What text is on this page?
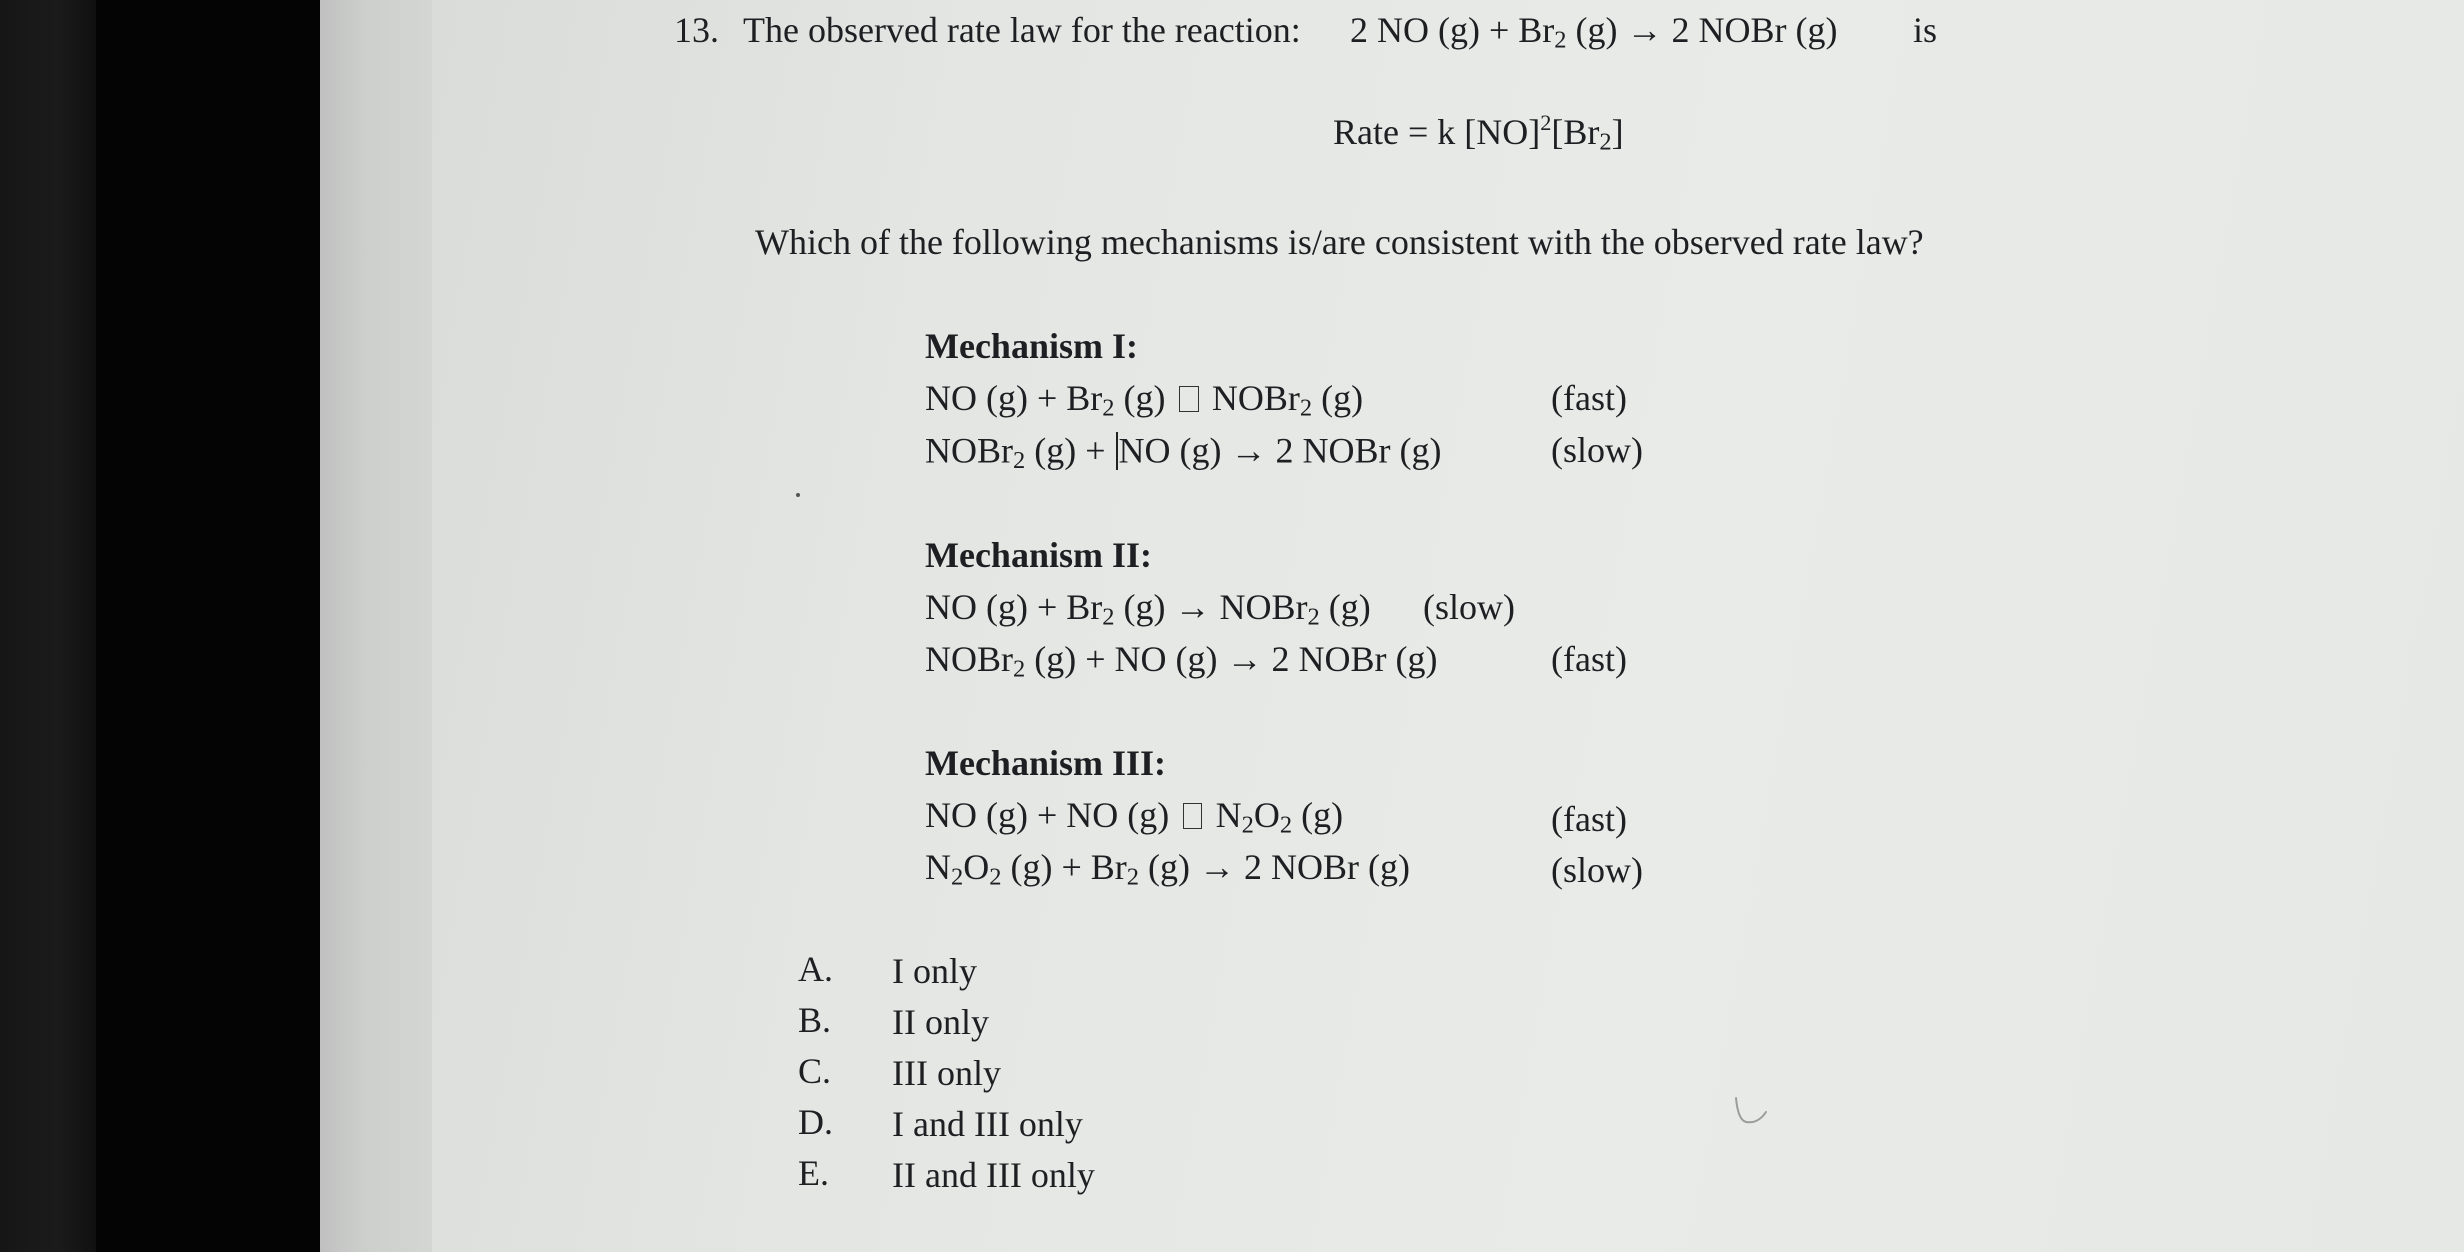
13. The observed rate law for the reaction: 2 NO $(g) + Br_2$ (g) → 2 NOBr (g) is
Rate = k $[NO]^2[Br_2]$
Which of the following mechanisms is/are consistent with the observed rate law?
Mechanism I:
NO $(g) + Br_2$ (g) NOBr$_2$ (g)	(fast)
NOBr$_2$ (g) + NO (g) → 2 NOBr (g)	(slow)
Mechanism II:
NO $(g) + Br_2$ (g) → NOBr$_2$ (g) (slow)
NOBr$_2$ (g) + NO (g) → 2 NOBr (g)	(fast)
Mechanism III:
NO (g) + NO (g) $N_2O_2$ (g)	(fast)
$N_2O_2$ $(g) + Br_2$ (g) → 2 NOBr (g)	(slow)
A. I only
B. II only
C. III only
D. I and III only
E. II and III only
